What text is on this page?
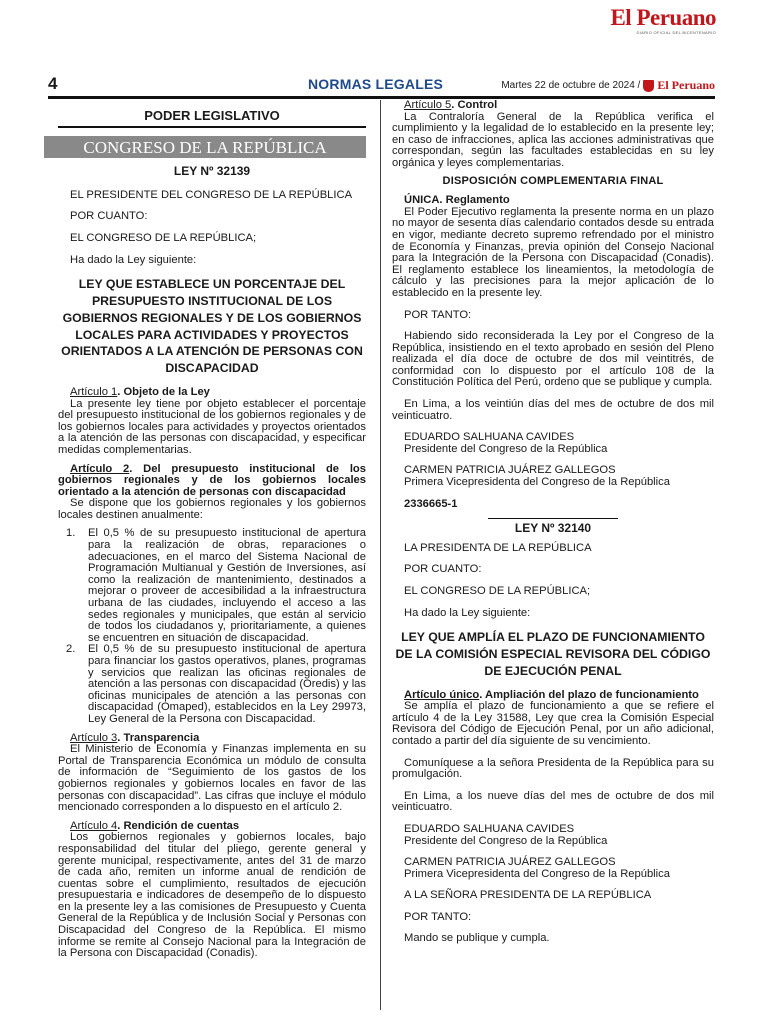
El Peruano
DIARIO OFICIAL DEL BICENTENARIO
4	NORMAS LEGALES	Martes 22 de octubre de 2024 / El Peruano
PODER LEGISLATIVO
CONGRESO DE LA REPÚBLICA
LEY Nº 32139

EL PRESIDENTE DEL CONGRESO DE LA REPÚBLICA

POR CUANTO:

EL CONGRESO DE LA REPÚBLICA;

Ha dado la Ley siguiente:

LEY QUE ESTABLECE UN PORCENTAJE DEL PRESUPUESTO INSTITUCIONAL DE LOS GOBIERNOS REGIONALES Y DE LOS GOBIERNOS LOCALES PARA ACTIVIDADES Y PROYECTOS ORIENTADOS A LA ATENCIÓN DE PERSONAS CON DISCAPACIDAD

Artículo 1. Objeto de la Ley

La presente ley tiene por objeto establecer el porcentaje del presupuesto institucional de los gobiernos regionales y de los gobiernos locales para actividades y proyectos orientados a la atención de las personas con discapacidad, y especificar medidas complementarias.

Artículo 2. Del presupuesto institucional de los gobiernos regionales y de los gobiernos locales orientado a la atención de personas con discapacidad

Se dispone que los gobiernos regionales y los gobiernos locales destinen anualmente:

1. El 0,5 % de su presupuesto institucional de apertura para la realización de obras, reparaciones o adecuaciones, en el marco del Sistema Nacional de Programación Multianual y Gestión de Inversiones, así como la realización de mantenimiento, destinados a mejorar o proveer de accesibilidad a la infraestructura urbana de las ciudades, incluyendo el acceso a las sedes regionales y municipales, que están al servicio de todos los ciudadanos y, prioritariamente, a quienes se encuentren en situación de discapacidad.
2. El 0,5 % de su presupuesto institucional de apertura para financiar los gastos operativos, planes, programas y servicios que realizan las oficinas regionales de atención a las personas con discapacidad (Oredis) y las oficinas municipales de atención a las personas con discapacidad (Omaped), establecidos en la Ley 29973, Ley General de la Persona con Discapacidad.

Artículo 3. Transparencia

El Ministerio de Economía y Finanzas implementa en su Portal de Transparencia Económica un módulo de consulta de información de “Seguimiento de los gastos de los gobiernos regionales y gobiernos locales en favor de las personas con discapacidad”. Las cifras que incluye el módulo mencionado corresponden a lo dispuesto en el artículo 2.

Artículo 4. Rendición de cuentas

Los gobiernos regionales y gobiernos locales, bajo responsabilidad del titular del pliego, gerente general y gerente municipal, respectivamente, antes del 31 de marzo de cada año, remiten un informe anual de rendición de cuentas sobre el cumplimiento, resultados de ejecución presupuestaria e indicadores de desempeño de lo dispuesto en la presente ley a las comisiones de Presupuesto y Cuenta General de la República y de Inclusión Social y Personas con Discapacidad del Congreso de la República. El mismo informe se remite al Consejo Nacional para la Integración de la Persona con Discapacidad (Conadis).

Artículo 5. Control

La Contraloría General de la República verifica el cumplimiento y la legalidad de lo establecido en la presente ley; en caso de infracciones, aplica las acciones administrativas que correspondan, según las facultades establecidas en su ley orgánica y leyes complementarias.

DISPOSICIÓN COMPLEMENTARIA FINAL

ÚNICA. Reglamento

El Poder Ejecutivo reglamenta la presente norma en un plazo no mayor de sesenta días calendario contados desde su entrada en vigor, mediante decreto supremo refrendado por el ministro de Economía y Finanzas, previa opinión del Consejo Nacional para la Integración de la Persona con Discapacidad (Conadis). El reglamento establece los lineamientos, la metodología de cálculo y las precisiones para la mejor aplicación de lo establecido en la presente ley.

POR TANTO:

Habiendo sido reconsiderada la Ley por el Congreso de la República, insistiendo en el texto aprobado en sesión del Pleno realizada el día doce de octubre de dos mil veintitrés, de conformidad con lo dispuesto por el artículo 108 de la Constitución Política del Perú, ordeno que se publique y cumpla.

En Lima, a los veintiún días del mes de octubre de dos mil veinticuatro.

EDUARDO SALHUANA CAVIDES

Presidente del Congreso de la República

CARMEN PATRICIA JUÁREZ GALLEGOS

Primera Vicepresidenta del Congreso de la República

2336665-1

LEY Nº 32140

LA PRESIDENTA DE LA REPÚBLICA

POR CUANTO:

EL CONGRESO DE LA REPÚBLICA;

Ha dado la Ley siguiente:

LEY QUE AMPLÍA EL PLAZO DE FUNCIONAMIENTO DE LA COMISIÓN ESPECIAL REVISORA DEL CÓDIGO DE EJECUCIÓN PENAL

Artículo único. Ampliación del plazo de funcionamiento

Se amplía el plazo de funcionamiento a que se refiere el artículo 4 de la Ley 31588, Ley que crea la Comisión Especial Revisora del Código de Ejecución Penal, por un año adicional, contado a partir del día siguiente de su vencimiento.

Comuníquese a la señora Presidenta de la República para su promulgación.

En Lima, a los nueve días del mes de octubre de dos mil veinticuatro.

EDUARDO SALHUANA CAVIDES

Presidente del Congreso de la República

CARMEN PATRICIA JUÁREZ GALLEGOS

Primera Vicepresidenta del Congreso de la República

A LA SEÑORA PRESIDENTA DE LA REPÚBLICA

POR TANTO:

Mando se publique y cumpla.
